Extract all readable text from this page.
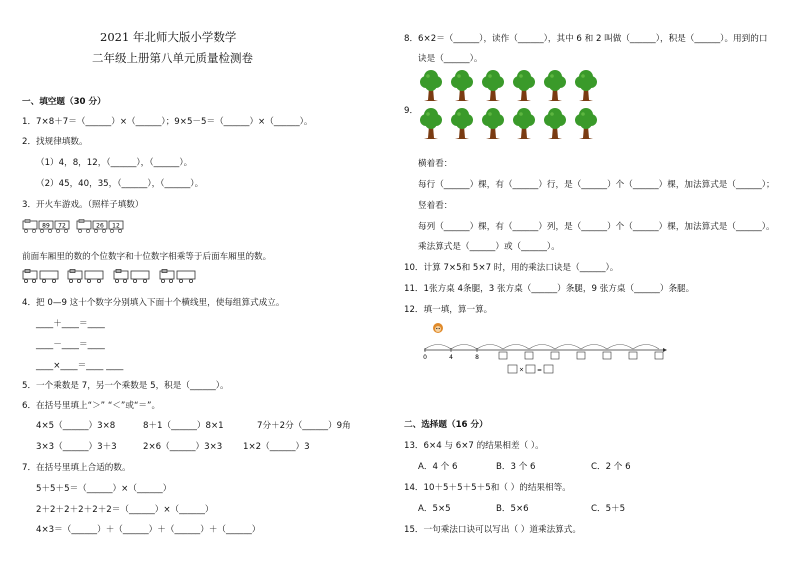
2021 年北师大版小学数学
二年级上册第八单元质量检测卷
一、填空题（30 分）
1．7×8＋7＝（______）×（______）；9×5－5＝（______）×（______）。
2．找规律填数。
（1）4，8，12，（______），（______）。
（2）45，40，35，（______），（______）。
3．开火车游戏。（照样子填数）
89 72	26 12
前面车厢里的数的个位数字和十位数字相乘等于后面车厢里的数。
4．把 0—9 这十个数字分别填入下面十个横线里，使每组算式成立。
____＋____＝____
____－____＝____
____×____＝____ ____
5．一个乘数是 7，另一个乘数是 5，积是（______）。
6．在括号里填上“＞” “＜”或“＝”。
4×5（______）3×8	8＋1（______）8×1	7分＋2分（______）9角
3×3（______）3＋3	2×6（______）3×3 1×2（______）3
7．在括号里填上合适的数。
5＋5＋5＝（______）×（______）
2＋2＋2＋2＋2＋2＝（______）×（______）
4×3＝（______）＋（______）＋（______）＋（______）
8．6×2＝（______），读作（______），其中 6 和 2 叫做（______），积是（______）。用到的口
诀是（______）。
9．
横着看：
每行（______）棵，有（______）行，是（______）个（______）棵，加法算式是（______）；
竖着看：
每列（______）棵，有（______）列，是（______）个（______）棵，加法算式是（______）。
乘法算式是（______）或（______）。
10．计算 7×5和 5×7 时，用的乘法口诀是（______）。
11．1张方桌 4条腿，3 张方桌（______）条腿，9 张方桌（______）条腿。
12．填一填，算一算。
0	4	8
× =
二、选择题（16 分）
13．6×4 与 6×7 的结果相差（ ）。
A．4 个 6	B．3 个 6	C．2 个 6
14．10＋5＋5＋5＋5和（ ）的结果相等。
A．5×5	B．5×6	C．5＋5
15．一句乘法口诀可以写出（ ）道乘法算式。
